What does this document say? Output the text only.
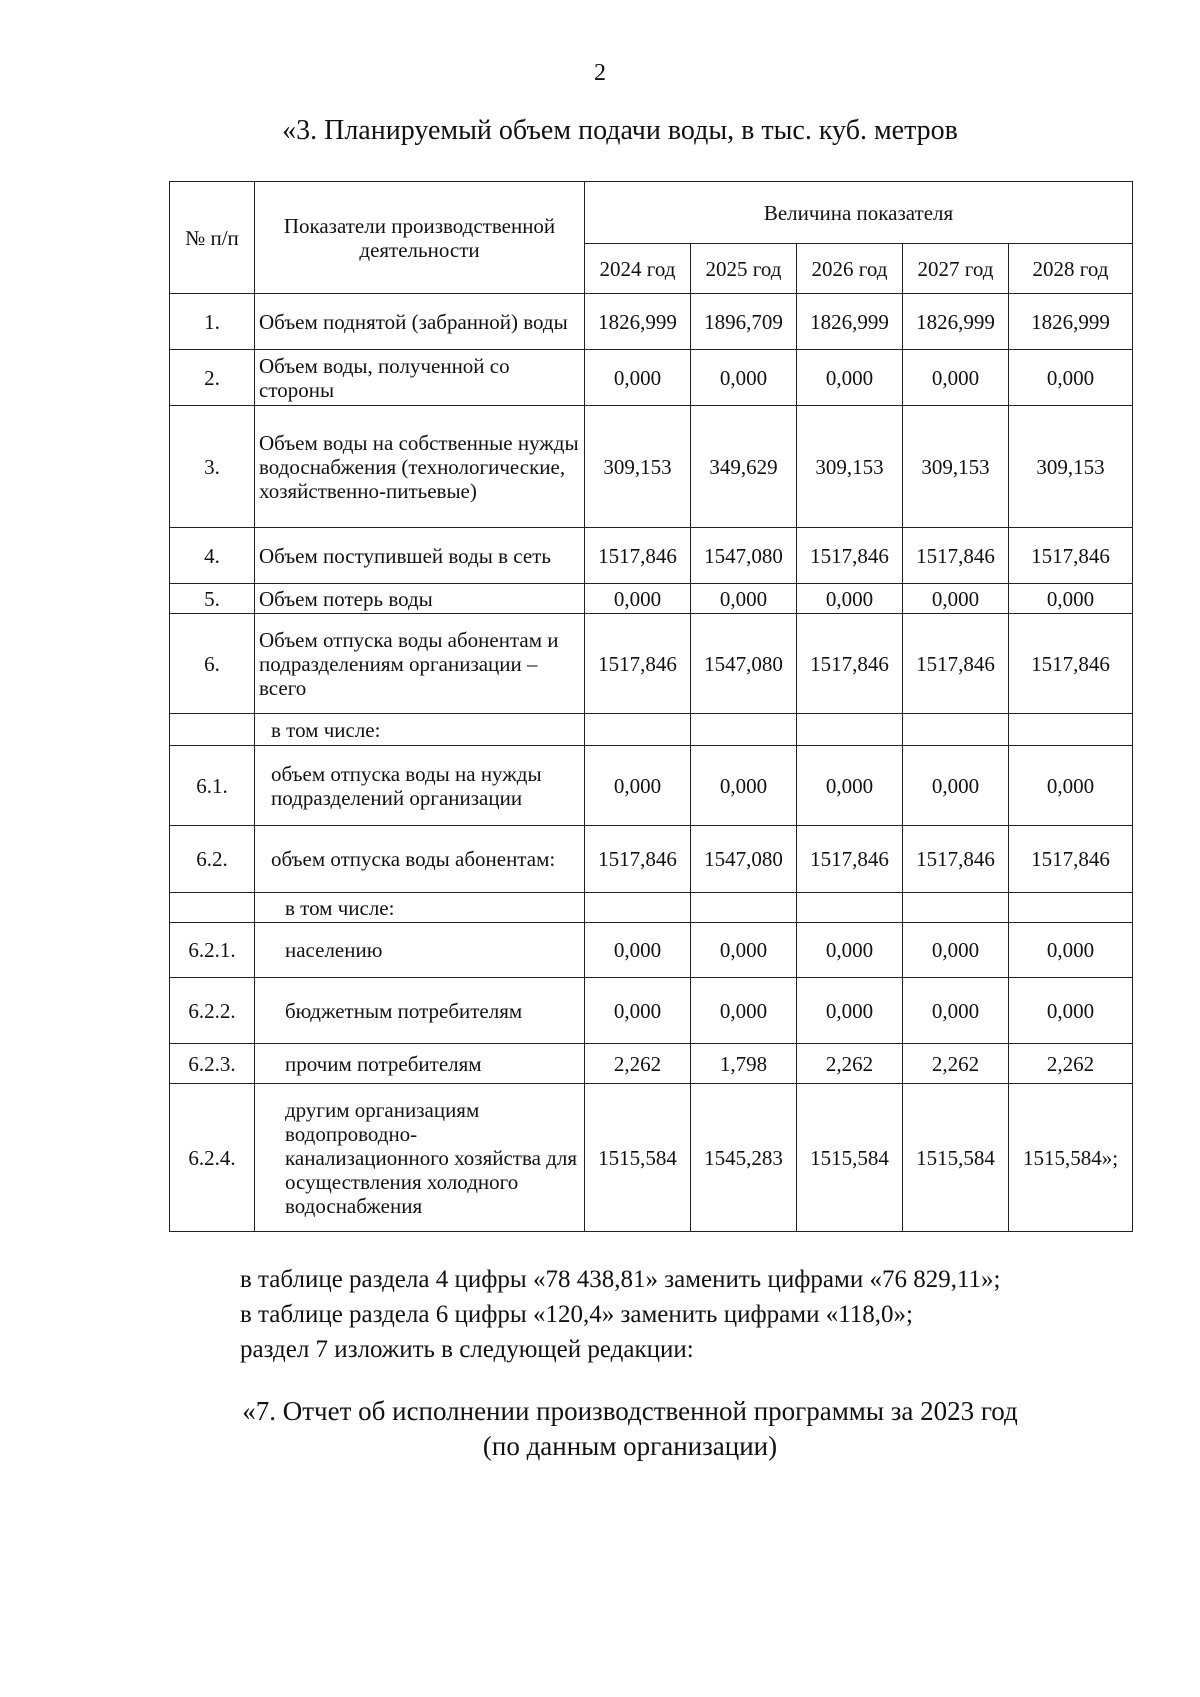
2
«3. Планируемый объем подачи воды, в тыс. куб. метров
№ п/п	Показатели производственной деятельности	Величина показателя				
		2024 год	2025 год	2026 год	2027 год	2028 год
1.	Объем поднятой (забранной) воды	1826,999	1896,709	1826,999	1826,999	1826,999
2.	Объем воды, полученной со стороны	0,000	0,000	0,000	0,000	0,000
3.	Объем воды на собственные нужды водоснабжения (технологические, хозяйственно-питьевые)	309,153	349,629	309,153	309,153	309,153
4.	Объем поступившей воды в сеть	1517,846	1547,080	1517,846	1517,846	1517,846
5.	Объем потерь воды	0,000	0,000	0,000	0,000	0,000
6.	Объем отпуска воды абонентам и подразделениям организации – всего	1517,846	1547,080	1517,846	1517,846	1517,846
	в том числе:					
6.1.	объем отпуска воды на нужды подразделений организации	0,000	0,000	0,000	0,000	0,000
6.2.	объем отпуска воды абонентам:	1517,846	1547,080	1517,846	1517,846	1517,846
	в том числе:					
6.2.1.	населению	0,000	0,000	0,000	0,000	0,000
6.2.2.	бюджетным потребителям	0,000	0,000	0,000	0,000	0,000
6.2.3.	прочим потребителям	2,262	1,798	2,262	2,262	2,262
6.2.4.	другим организациям водопроводно-канализационного хозяйства для осуществления холодного водоснабжения	1515,584	1545,283	1515,584	1515,584	1515,584»;

в таблице раздела 4 цифры «78 438,81» заменить цифрами «76 829,11»;

в таблице раздела 6 цифры «120,4» заменить цифрами «118,0»;

раздел 7 изложить в следующей редакции:

«7. Отчет об исполнении производственной программы за 2023 год

(по данным организации)
